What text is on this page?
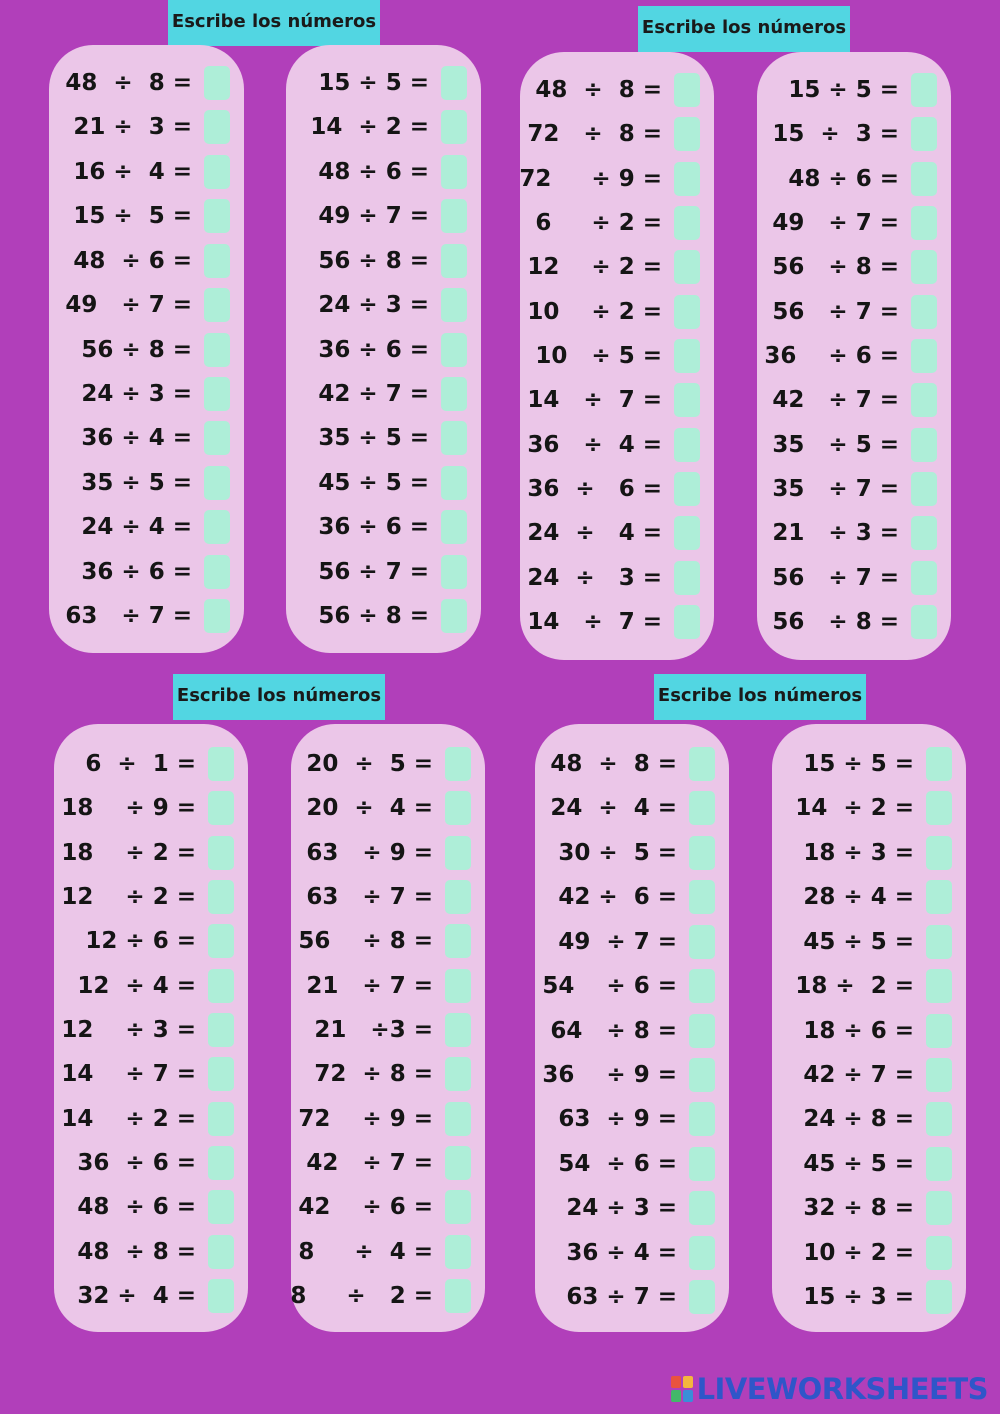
Escribe los números
48  ÷  8 =
21 ÷  3 =
16 ÷  4 =
15 ÷  5 =
48  ÷ 6 =
49   ÷ 7 =
56 ÷ 8 =
24 ÷ 3 =
36 ÷ 4 =
35 ÷ 5 =
24 ÷ 4 =
36 ÷ 6 =
63   ÷ 7 =
15 ÷ 5 =
14  ÷ 2 =
48 ÷ 6 =
49 ÷ 7 =
56 ÷ 8 =
24 ÷ 3 =
36 ÷ 6 =
42 ÷ 7 =
35 ÷ 5 =
45 ÷ 5 =
36 ÷ 6 =
56 ÷ 7 =
56 ÷ 8 =
Escribe los números
48  ÷  8 =
72   ÷  8 =
72     ÷ 9 =
6     ÷ 2 =
12    ÷ 2 =
10    ÷ 2 =
10   ÷ 5 =
14   ÷  7 =
36   ÷  4 =
36  ÷   6 =
24  ÷   4 =
24  ÷   3 =
14   ÷  7 =
15 ÷ 5 =
15  ÷  3 =
48 ÷ 6 =
49   ÷ 7 =
56   ÷ 8 =
56   ÷ 7 =
36    ÷ 6 =
42   ÷ 7 =
35   ÷ 5 =
35   ÷ 7 =
21   ÷ 3 =
56   ÷ 7 =
56   ÷ 8 =
Escribe los números
6  ÷  1 =
18    ÷ 9 =
18    ÷ 2 =
12    ÷ 2 =
12 ÷ 6 =
12  ÷ 4 =
12    ÷ 3 =
14    ÷ 7 =
14    ÷ 2 =
36  ÷ 6 =
48  ÷ 6 =
48  ÷ 8 =
32 ÷  4 =
20  ÷  5 =
20  ÷  4 =
63   ÷ 9 =
63   ÷ 7 =
56    ÷ 8 =
21   ÷ 7 =
21   ÷3 =
72  ÷ 8 =
72    ÷ 9 =
42   ÷ 7 =
42    ÷ 6 =
8     ÷  4 =
8     ÷   2 =
Escribe los números
48  ÷  8 =
24  ÷  4 =
30 ÷  5 =
42 ÷  6 =
49  ÷ 7 =
54    ÷ 6 =
64   ÷ 8 =
36    ÷ 9 =
63  ÷ 9 =
54  ÷ 6 =
24 ÷ 3 =
36 ÷ 4 =
63 ÷ 7 =
15 ÷ 5 =
14  ÷ 2 =
18 ÷ 3 =
28 ÷ 4 =
45 ÷ 5 =
18 ÷  2 =
18 ÷ 6 =
42 ÷ 7 =
24 ÷ 8 =
45 ÷ 5 =
32 ÷ 8 =
10 ÷ 2 =
15 ÷ 3 =
LIVEWORKSHEETS
